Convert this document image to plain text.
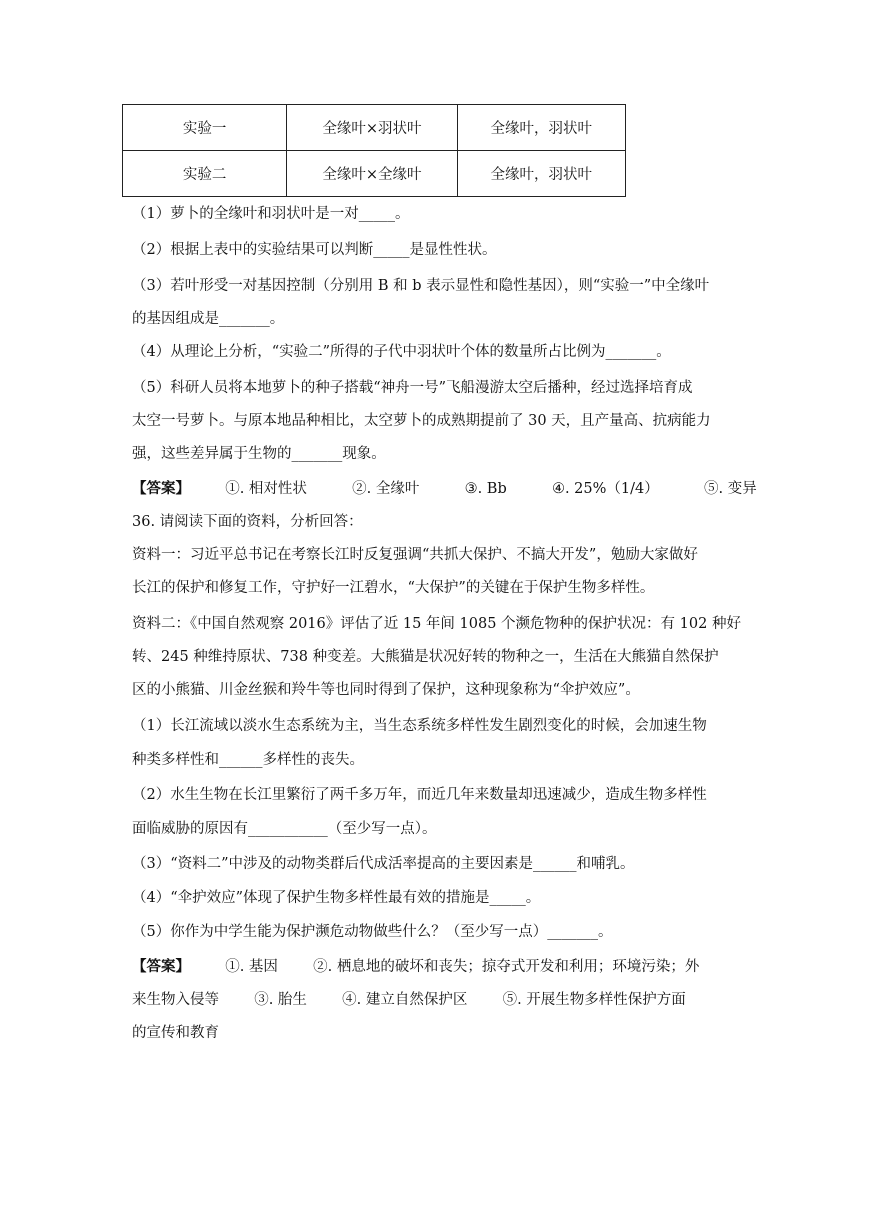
实验一	全缘叶×羽状叶	全缘叶，羽状叶
实验二	全缘叶×全缘叶	全缘叶，羽状叶
（1）萝卜的全缘叶和羽状叶是一对_____。
（2）根据上表中的实验结果可以判断_____是显性性状。
（3）若叶形受一对基因控制（分别用 B 和 b 表示显性和隐性基因），则“实验一”中全缘叶
的基因组成是_______。
（4）从理论上分析，“实验二”所得的子代中羽状叶个体的数量所占比例为_______。
（5）科研人员将本地萝卜的种子搭载“神舟一号”飞船漫游太空后播种，经过选择培育成
太空一号萝卜。与原本地品种相比，太空萝卜的成熟期提前了 30 天，且产量高、抗病能力
强，这些差异属于生物的_______现象。
【答案】 ①. 相对性状	②. 全缘叶	③. Bb	④. 25%（1/4）	⑤. 变异
36. 请阅读下面的资料，分析回答：
资料一：习近平总书记在考察长江时反复强调“共抓大保护、不搞大开发”，勉励大家做好
长江的保护和修复工作，守护好一江碧水，“大保护”的关键在于保护生物多样性。
资料二：《中国自然观察 2016》评估了近 15 年间 1085 个濒危物种的保护状况：有 102 种好
转、245 种维持原状、738 种变差。大熊猫是状况好转的物种之一，生活在大熊猫自然保护
区的小熊猫、川金丝猴和羚牛等也同时得到了保护，这种现象称为“伞护效应”。
（1）长江流域以淡水生态系统为主，当生态系统多样性发生剧烈变化的时候，会加速生物
种类多样性和______多样性的丧失。
（2）水生生物在长江里繁衍了两千多万年，而近几年来数量却迅速减少，造成生物多样性
面临威胁的原因有___________（至少写一点）。
（3）“资料二”中涉及的动物类群后代成活率提高的主要因素是______和哺乳。
（4）“伞护效应”体现了保护生物多样性最有效的措施是_____。
（5）你作为中学生能为保护濒危动物做些什么？（至少写一点）_______。
【答案】 ①. 基因 ②. 栖息地的破坏和丧失；掠夺式开发和利用；环境污染；外
来生物入侵等 ③. 胎生 ④. 建立自然保护区 ⑤. 开展生物多样性保护方面
的宣传和教育
